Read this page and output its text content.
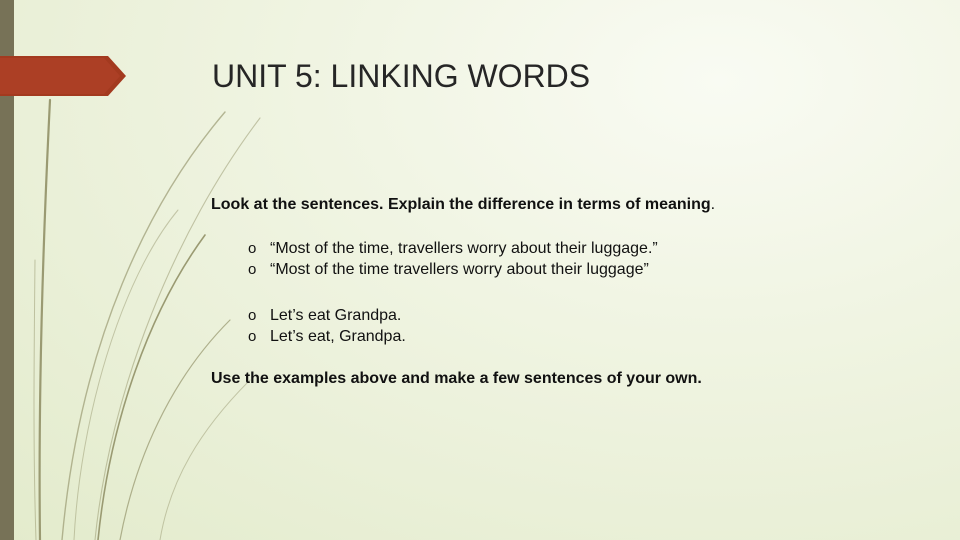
UNIT 5: LINKING WORDS
Look at the sentences. Explain the difference in terms of meaning.
o “Most of the time, travellers worry about their luggage.”
o “Most of the time travellers worry about their luggage”
o Let’s eat Grandpa.
o Let’s eat, Grandpa.
Use the examples above and make a few sentences of your own.
